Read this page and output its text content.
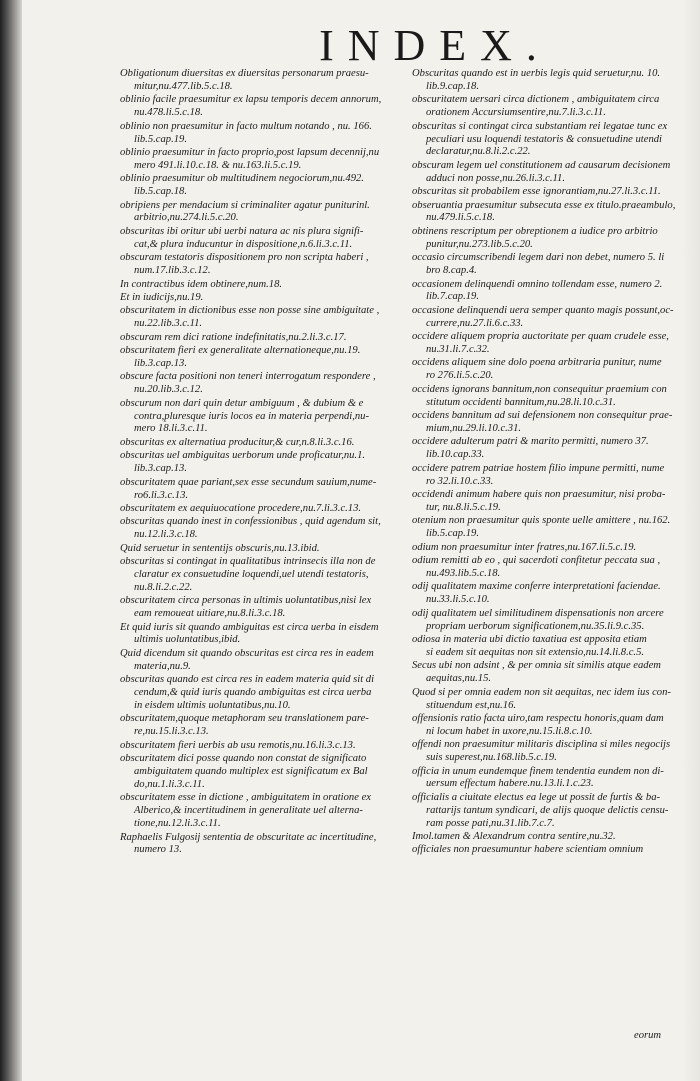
INDEX.
Obligationum diuersitas ex diuersitas personarum praesu-
mitur,nu.477.lib.5.c.18.
oblinio facile praesumitur ex lapsu temporis decem annorum,
nu.478.li.5.c.18.
oblinio non praesumitur in facto multum notando , nu. 166.
lib.5.cap.19.
oblinio praesumitur in facto proprio,post lapsum decennij,nu
mero 491.li.10.c.18. & nu.163.li.5.c.19.
oblinio praesumitur ob multitudinem negociorum,nu.492.
lib.5.cap.18.
obripiens per mendacium si criminaliter agatur puniturinl.
arbitrio,nu.274.li.5.c.20.
obscuritas ibi oritur ubi uerbi natura ac nis plura signifi-
cat,& plura inducuntur in dispositione,n.6.li.3.c.11.
obscuram testatoris dispositionem pro non scripta haberi ,
num.17.lib.3.c.12.
In contractibus idem obtinere,num.18.
Et in iudicijs,nu.19.
obscuritatem in dictionibus esse non posse sine ambiguitate ,
nu.22.lib.3.c.11.
obscuram rem dici ratione indefinitatis,nu.2.li.3.c.17.
obscuritatem fieri ex generalitate alternationeque,nu.19.
lib.3.cap.13.
obscure facta positioni non teneri interrogatum respondere ,
nu.20.lib.3.c.12.
obscurum non dari quin detur ambiguum , & dubium & e
contra,pluresque iuris locos ea in materia perpendi,nu-
mero 18.li.3.c.11.
obscuritas ex alternatiua producitur,& cur,n.8.li.3.c.16.
obscuritas uel ambiguitas uerborum unde proficatur,nu.1.
lib.3.cap.13.
obscuritatem quae pariant,sex esse secundum sauium,nume-
ro6.li.3.c.13.
obscuritatem ex aequiuocatione procedere,nu.7.li.3.c.13.
obscuritas quando inest in confessionibus , quid agendum sit,
nu.12.li.3.c.18.
Quid seruetur in sententijs obscuris,nu.13.ibid.
obscuritas si contingat in qualitatibus intrinsecis illa non de
claratur ex consuetudine loquendi,uel utendi testatoris,
nu.8.li.2.c.22.
obscuritatem circa personas in ultimis uoluntatibus,nisi lex
eam remoueat uitiare,nu.8.li.3.c.18.
Et quid iuris sit quando ambiguitas est circa uerba in eisdem
ultimis uoluntatibus,ibid.
Quid dicendum sit quando obscuritas est circa res in eadem
materia,nu.9.
obscuritas quando est circa res in eadem materia quid sit di
cendum,& quid iuris quando ambiguitas est circa uerba
in eisdem ultimis uoluntatibus,nu.10.
obscuritatem,quoque metaphoram seu translationem pare-
re,nu.15.li.3.c.13.
obscuritatem fieri uerbis ab usu remotis,nu.16.li.3.c.13.
obscuritatem dici posse quando non constat de significato
ambiguitatem quando multiplex est significatum ex Bal
do,nu.1.li.3.c.11.
obscuritatem esse in dictione , ambiguitatem in oratione ex
Alberico,& incertitudinem in generalitate uel alterna-
tione,nu.12.li.3.c.11.
Raphaelis Fulgosij sententia de obscuritate ac incertitudine,
numero 13.
Obscuritas quando est in uerbis legis quid seruetur,nu. 10.
lib.9.cap.18.
obscuritatem uersari circa dictionem , ambiguitatem circa
orationem Accursiumsentire,nu.7.li.3.c.11.
obscuritas si contingat circa substantiam rei legatae tunc ex
peculiari usu loquendi testatoris & consuetudine utendi
declaratur,nu.8.li.2.c.22.
obscuram legem uel constitutionem ad causarum decisionem
adduci non posse,nu.26.li.3.c.11.
obscuritas sit probabilem esse ignorantiam,nu.27.li.3.c.11.
obseruantia praesumitur subsecuta esse ex titulo.praeambulo,
nu.479.li.5.c.18.
obtinens rescriptum per obreptionem a iudice pro arbitrio
punitur,nu.273.lib.5.c.20.
occasio circumscribendi legem dari non debet, numero 5. li
bro 8.cap.4.
occasionem delinquendi omnino tollendam esse, numero 2.
lib.7.cap.19.
occasione delinquendi uera semper quanto magis possunt,oc-
currere,nu.27.li.6.c.33.
occidere aliquem propria auctoritate per quam crudele esse,
nu.31.li.7.c.32.
occidens aliquem sine dolo poena arbitraria punitur, nume
ro 276.li.5.c.20.
occidens ignorans bannitum,non consequitur praemium con
stitutum occidenti bannitum,nu.28.li.10.c.31.
occidens bannitum ad sui defensionem non consequitur prae-
mium,nu.29.li.10.c.31.
occidere adulterum patri & marito permitti, numero 37.
lib.10.cap.33.
occidere patrem patriae hostem filio impune permitti, nume
ro 32.li.10.c.33.
occidendi animum habere quis non praesumitur, nisi proba-
tur, nu.8.li.5.c.19.
otenium non praesumitur quis sponte uelle amittere , nu.162.
lib.5.cap.19.
odium non praesumitur inter fratres,nu.167.li.5.c.19.
odium remitti ab eo , qui sacerdoti confitetur peccata sua ,
nu.493.lib.5.c.18.
odij qualitatem maxime conferre interpretationi faciendae.
nu.33.li.5.c.10.
odij qualitatem uel similitudinem dispensationis non arcere
propriam uerborum significationem,nu.35.li.9.c.35.
odiosa in materia ubi dictio taxatiua est apposita etiam
si eadem sit aequitas non sit extensio,nu.14.li.8.c.5.
Secus ubi non adsint , & per omnia sit similis atque eadem
aequitas,nu.15.
Quod si per omnia eadem non sit aequitas, nec idem ius con-
stituendum est,nu.16.
offensionis ratio facta uiro,tam respectu honoris,quam dam
ni locum habet in uxore,nu.15.li.8.c.10.
offendi non praesumitur militaris disciplina si miles negocijs
suis superest,nu.168.lib.5.c.19.
officia in unum eundemque finem tendentia eundem non di-
uersum effectum habere.nu.13.li.1.c.23.
officialis a ciuitate electus ea lege ut possit de furtis & ba-
rattarijs tantum syndicari, de alijs quoque delictis censu-
ram posse pati,nu.31.lib.7.c.7.
Imol.tamen & Alexandrum contra sentire,nu.32.
officiales non praesumuntur habere scientiam omnium
eorum
